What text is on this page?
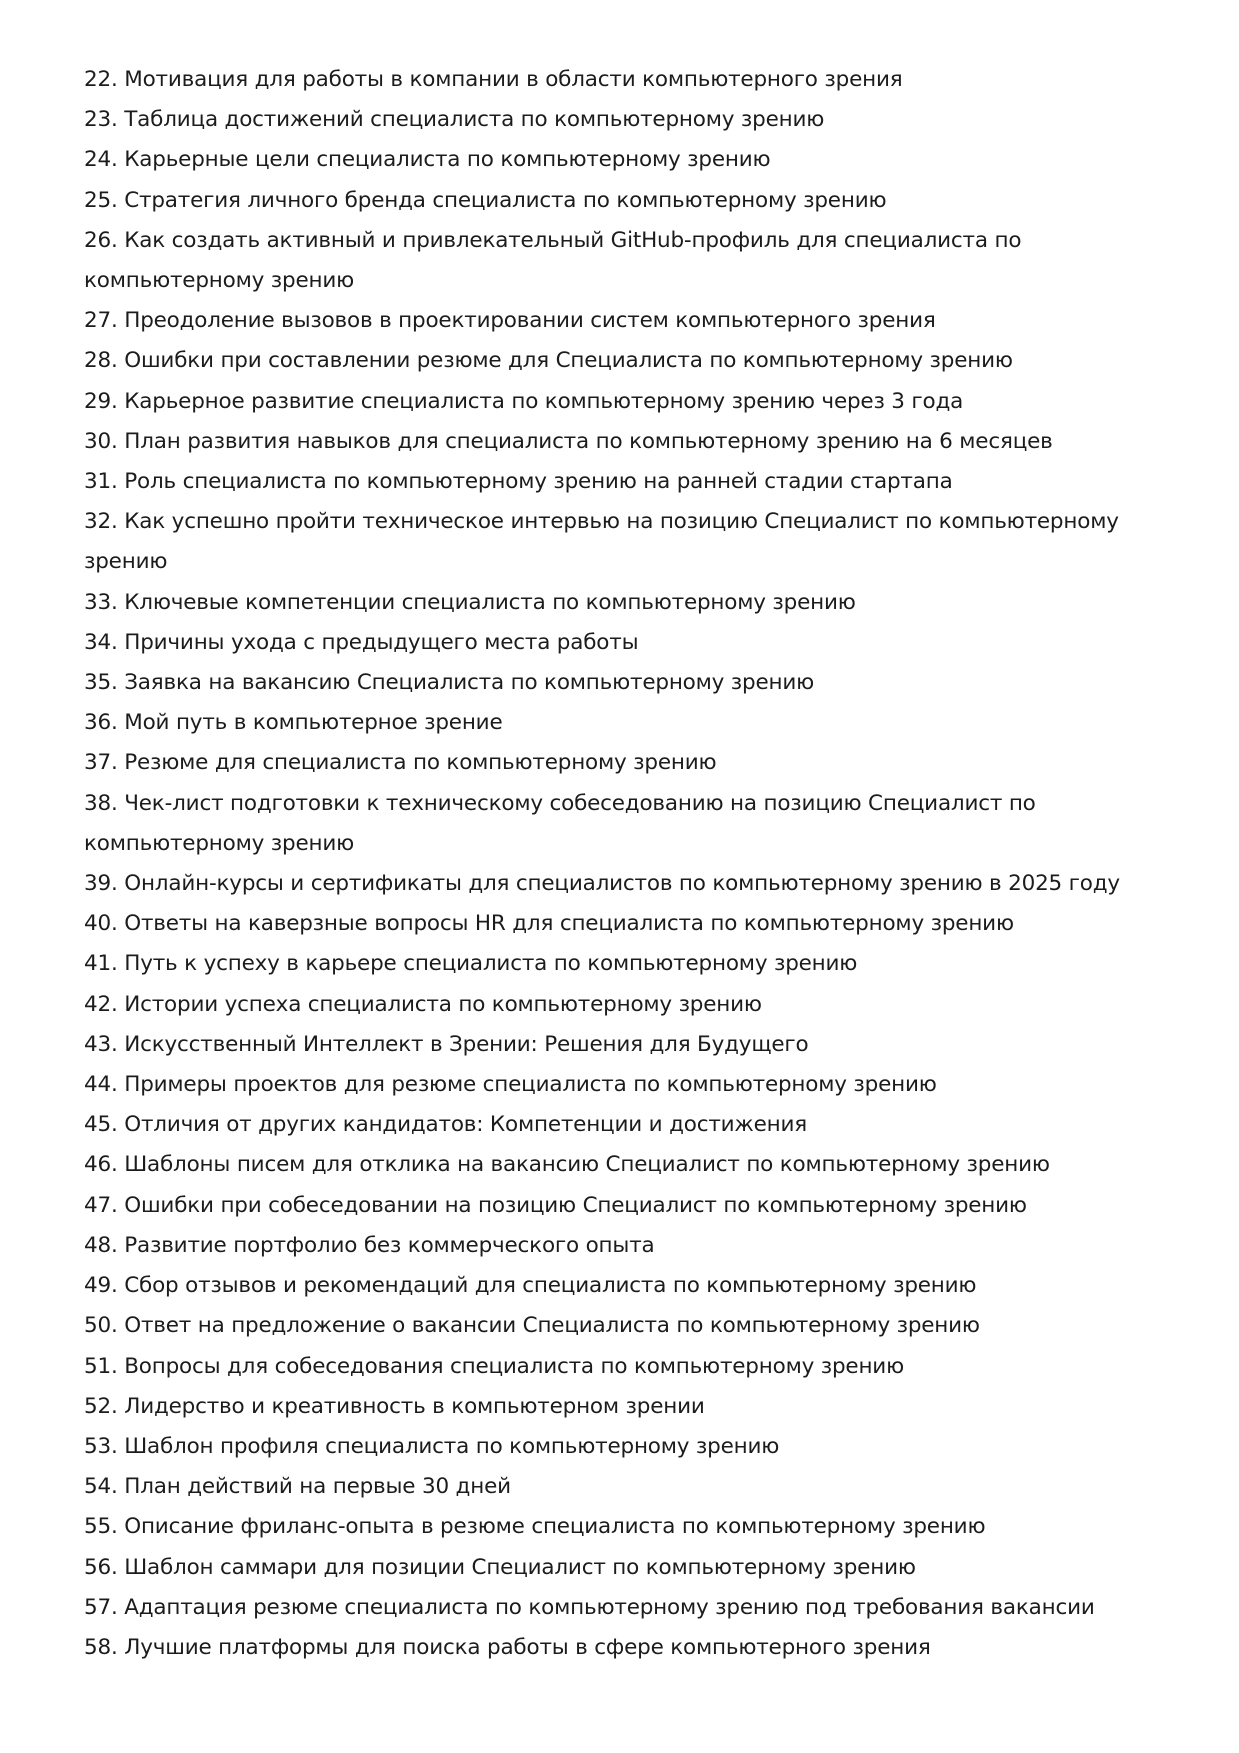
22. Мотивация для работы в компании в области компьютерного зрения
23. Таблица достижений специалиста по компьютерному зрению
24. Карьерные цели специалиста по компьютерному зрению
25. Стратегия личного бренда специалиста по компьютерному зрению
26. Как создать активный и привлекательный GitHub-профиль для специалиста по компьютерному зрению
27. Преодоление вызовов в проектировании систем компьютерного зрения
28. Ошибки при составлении резюме для Специалиста по компьютерному зрению
29. Карьерное развитие специалиста по компьютерному зрению через 3 года
30. План развития навыков для специалиста по компьютерному зрению на 6 месяцев
31. Роль специалиста по компьютерному зрению на ранней стадии стартапа
32. Как успешно пройти техническое интервью на позицию Специалист по компьютерному зрению
33. Ключевые компетенции специалиста по компьютерному зрению
34. Причины ухода с предыдущего места работы
35. Заявка на вакансию Специалиста по компьютерному зрению
36. Мой путь в компьютерное зрение
37. Резюме для специалиста по компьютерному зрению
38. Чек-лист подготовки к техническому собеседованию на позицию Специалист по компьютерному зрению
39. Онлайн-курсы и сертификаты для специалистов по компьютерному зрению в 2025 году
40. Ответы на каверзные вопросы HR для специалиста по компьютерному зрению
41. Путь к успеху в карьере специалиста по компьютерному зрению
42. Истории успеха специалиста по компьютерному зрению
43. Искусственный Интеллект в Зрении: Решения для Будущего
44. Примеры проектов для резюме специалиста по компьютерному зрению
45. Отличия от других кандидатов: Компетенции и достижения
46. Шаблоны писем для отклика на вакансию Специалист по компьютерному зрению
47. Ошибки при собеседовании на позицию Специалист по компьютерному зрению
48. Развитие портфолио без коммерческого опыта
49. Сбор отзывов и рекомендаций для специалиста по компьютерному зрению
50. Ответ на предложение о вакансии Специалиста по компьютерному зрению
51. Вопросы для собеседования специалиста по компьютерному зрению
52. Лидерство и креативность в компьютерном зрении
53. Шаблон профиля специалиста по компьютерному зрению
54. План действий на первые 30 дней
55. Описание фриланс-опыта в резюме специалиста по компьютерному зрению
56. Шаблон саммари для позиции Специалист по компьютерному зрению
57. Адаптация резюме специалиста по компьютерному зрению под требования вакансии
58. Лучшие платформы для поиска работы в сфере компьютерного зрения
